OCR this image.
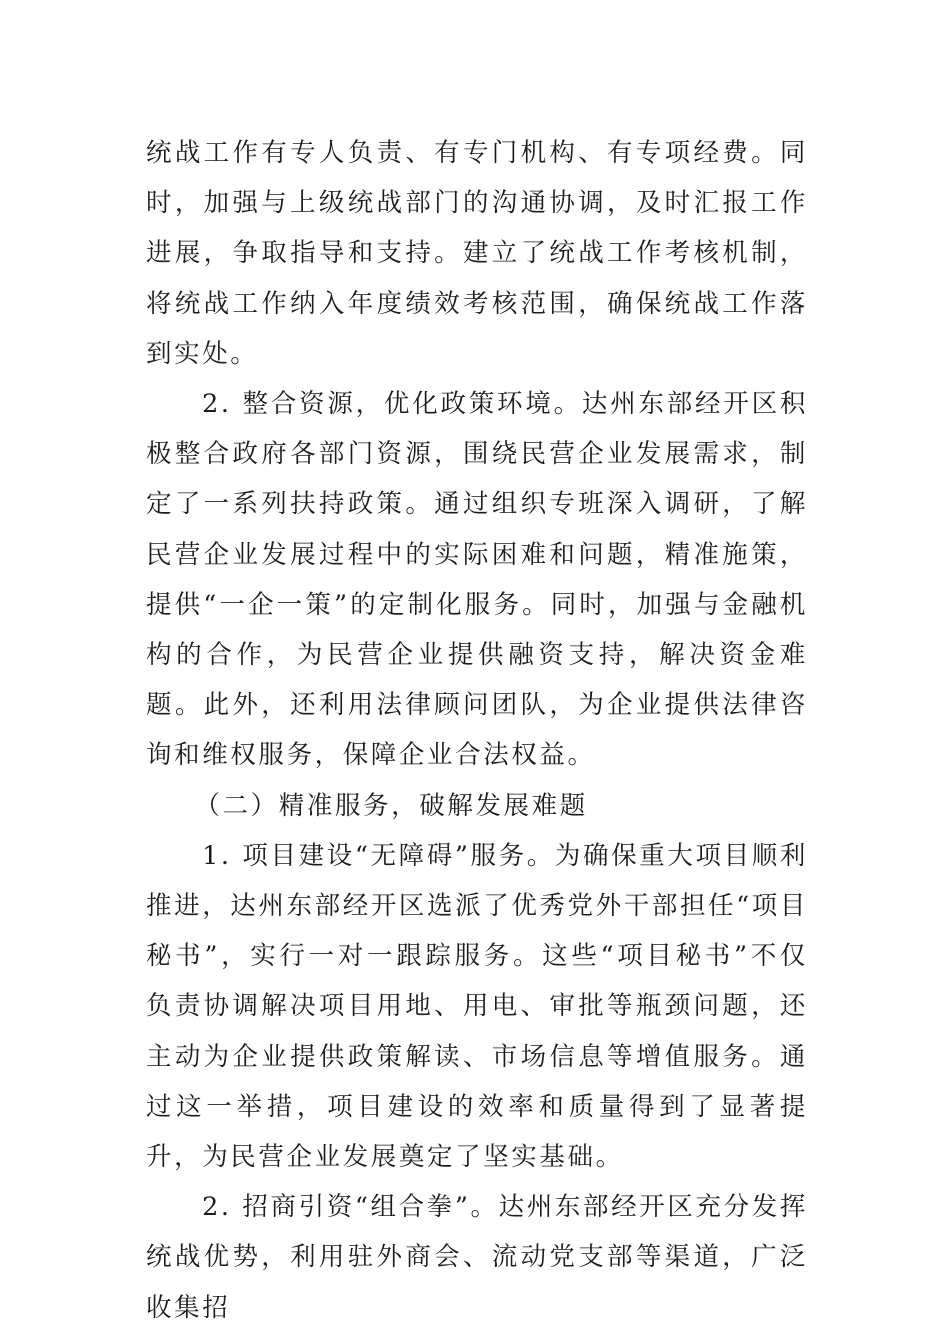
统战工作有专人负责、有专门机构、有专项经费。同时，加强与上级统战部门的沟通协调，及时汇报工作进展，争取指导和支持。建立了统战工作考核机制，将统战工作纳入年度绩效考核范围，确保统战工作落到实处。

2. 整合资源，优化政策环境。达州东部经开区积极整合政府各部门资源，围绕民营企业发展需求，制定了一系列扶持政策。通过组织专班深入调研，了解民营企业发展过程中的实际困难和问题，精准施策，提供“一企一策”的定制化服务。同时，加强与金融机构的合作，为民营企业提供融资支持，解决资金难题。此外，还利用法律顾问团队，为企业提供法律咨询和维权服务，保障企业合法权益。

（二）精准服务，破解发展难题

1. 项目建设“无障碍”服务。为确保重大项目顺利推进，达州东部经开区选派了优秀党外干部担任“项目秘书”，实行一对一跟踪服务。这些“项目秘书”不仅负责协调解决项目用地、用电、审批等瓶颈问题，还主动为企业提供政策解读、市场信息等增值服务。通过这一举措，项目建设的效率和质量得到了显著提升，为民营企业发展奠定了坚实基础。

2. 招商引资“组合拳”。达州东部经开区充分发挥统战优势，利用驻外商会、流动党支部等渠道，广泛收集招
